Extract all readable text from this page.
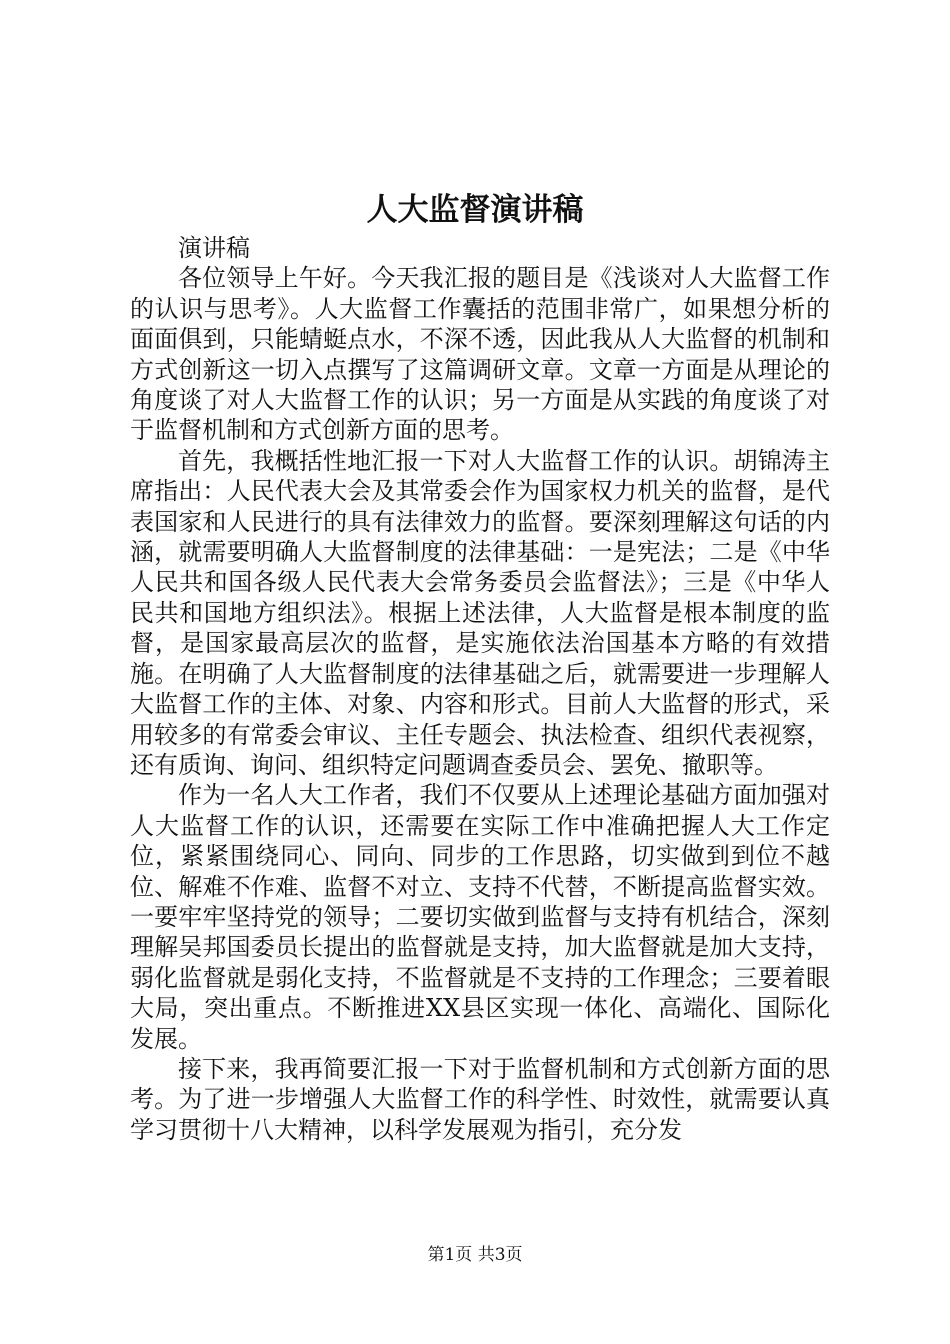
人大监督演讲稿

演讲稿

各位领导上午好。今天我汇报的题目是《浅谈对人大监督工作的认识与思考》。人大监督工作囊括的范围非常广，如果想分析的面面俱到，只能蜻蜓点水，不深不透，因此我从人大监督的机制和方式创新这一切入点撰写了这篇调研文章。文章一方面是从理论的角度谈了对人大监督工作的认识；另一方面是从实践的角度谈了对于监督机制和方式创新方面的思考。

首先，我概括性地汇报一下对人大监督工作的认识。胡锦涛主席指出：人民代表大会及其常委会作为国家权力机关的监督，是代表国家和人民进行的具有法律效力的监督。要深刻理解这句话的内涵，就需要明确人大监督制度的法律基础：一是宪法；二是《中华人民共和国各级人民代表大会常务委员会监督法》；三是《中华人民共和国地方组织法》。根据上述法律，人大监督是根本制度的监督，是国家最高层次的监督，是实施依法治国基本方略的有效措施。在明确了人大监督制度的法律基础之后，就需要进一步理解人大监督工作的主体、对象、内容和形式。目前人大监督的形式，采用较多的有常委会审议、主任专题会、执法检查、组织代表视察，还有质询、询问、组织特定问题调查委员会、罢免、撤职等。

作为一名人大工作者，我们不仅要从上述理论基础方面加强对人大监督工作的认识，还需要在实际工作中准确把握人大工作定位，紧紧围绕同心、同向、同步的工作思路，切实做到到位不越位、解难不作难、监督不对立、支持不代替，不断提高监督实效。一要牢牢坚持党的领导；二要切实做到监督与支持有机结合，深刻理解吴邦国委员长提出的监督就是支持，加大监督就是加大支持，弱化监督就是弱化支持，不监督就是不支持的工作理念；三要着眼大局，突出重点。不断推进XX县区实现一体化、高端化、国际化发展。

接下来，我再简要汇报一下对于监督机制和方式创新方面的思考。为了进一步增强人大监督工作的科学性、时效性，就需要认真学习贯彻十八大精神，以科学发展观为指引，充分发

第1页 共3页
